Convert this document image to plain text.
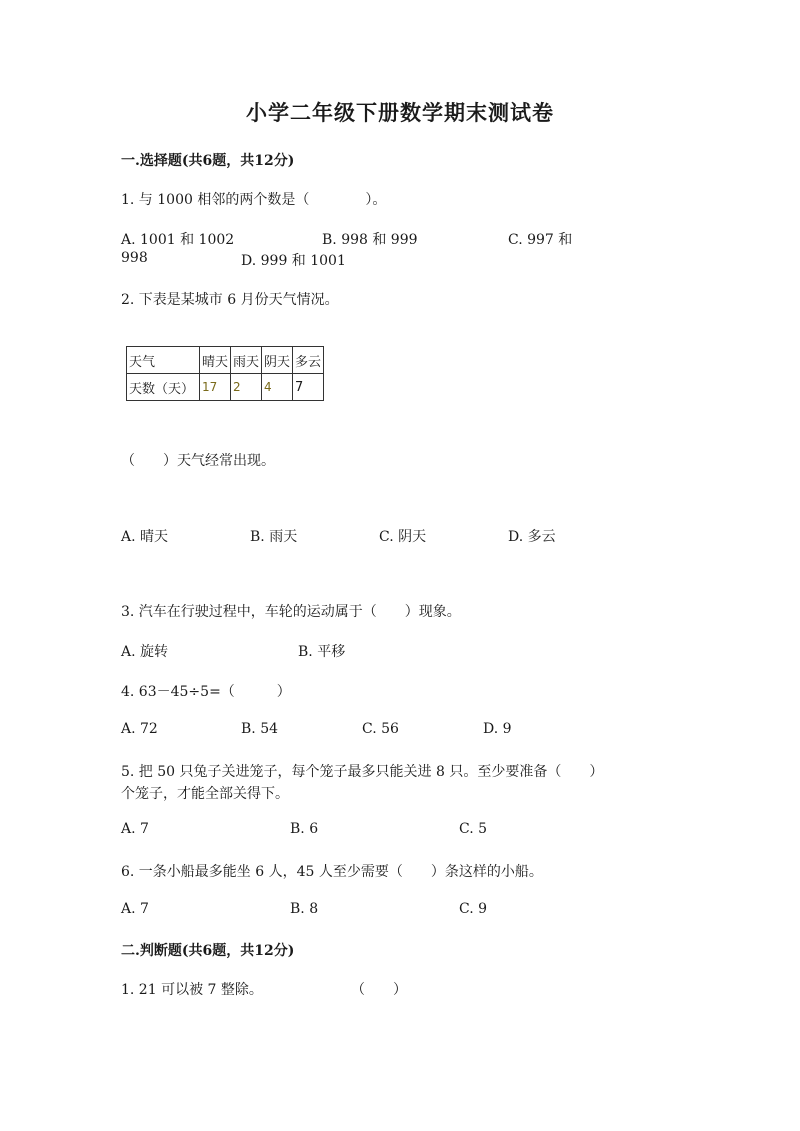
小学二年级下册数学期末测试卷
一.选择题(共6题，共12分)
1. 与 1000 相邻的两个数是（　　　　）。
A. 1001 和 1002	B. 998 和 999	C. 997 和
998	D. 999 和 1001
2. 下表是某城市 6 月份天气情况。
天气	晴天	雨天	阴天	多云
天数（天）	17	2	4	7
（　　）天气经常出现。
A. 晴天	B. 雨天	C. 阴天	D. 多云
3. 汽车在行驶过程中，车轮的运动属于（　　）现象。
A. 旋转	B. 平移
4. 63－45÷5=（　　　）
A. 72	B. 54	C. 56	D. 9
5. 把 50 只兔子关进笼子，每个笼子最多只能关进 8 只。至少要准备（　　）
个笼子，才能全部关得下。
A. 7	B. 6	C. 5
6. 一条小船最多能坐 6 人，45 人至少需要（　　）条这样的小船。
A. 7	B. 8	C. 9
二.判断题(共6题，共12分)
1. 21 可以被 7 整除。	（　　）
